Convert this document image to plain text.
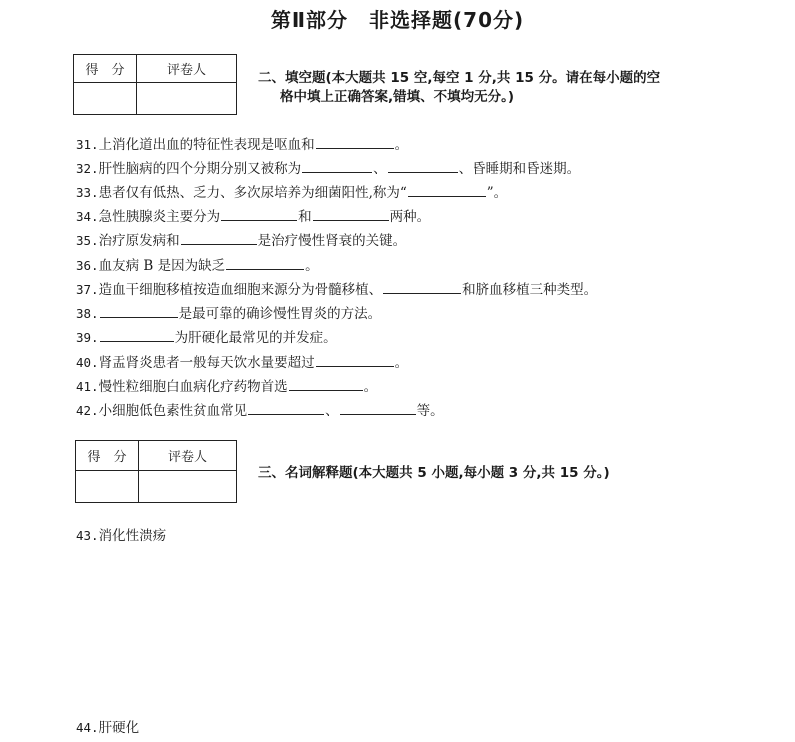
第Ⅱ部分　非选择题(70分)
得　分	评卷人
		二、填空题(本大题共 15 空,每空 1 分,共 15 分。请在每小题的空
格中填上正确答案,错填、不填均无分。)
31.上消化道出血的特征性表现是呕血和	。
32.肝性脑病的四个分期分别又被称为	、	、昏睡期和昏迷期。
33.患者仅有低热、乏力、多次尿培养为细菌阳性,称为“	”。
34.急性胰腺炎主要分为	和	两种。
35.治疗原发病和	是治疗慢性肾衰的关键。
36.血友病 B 是因为缺乏	。
37.造血干细胞移植按造血细胞来源分为骨髓移植、	和脐血移植三种类型。
38.	是最可靠的确诊慢性胃炎的方法。
39.	为肝硬化最常见的并发症。
40.肾盂肾炎患者一般每天饮水量要超过	。
41.慢性粒细胞白血病化疗药物首选	。
42.小细胞低色素性贫血常见	、	等。
得　分	评卷人

三、名词解释题(本大题共 5 小题,每小题 3 分,共 15 分。)
43.消化性溃疡
44.肝硬化
